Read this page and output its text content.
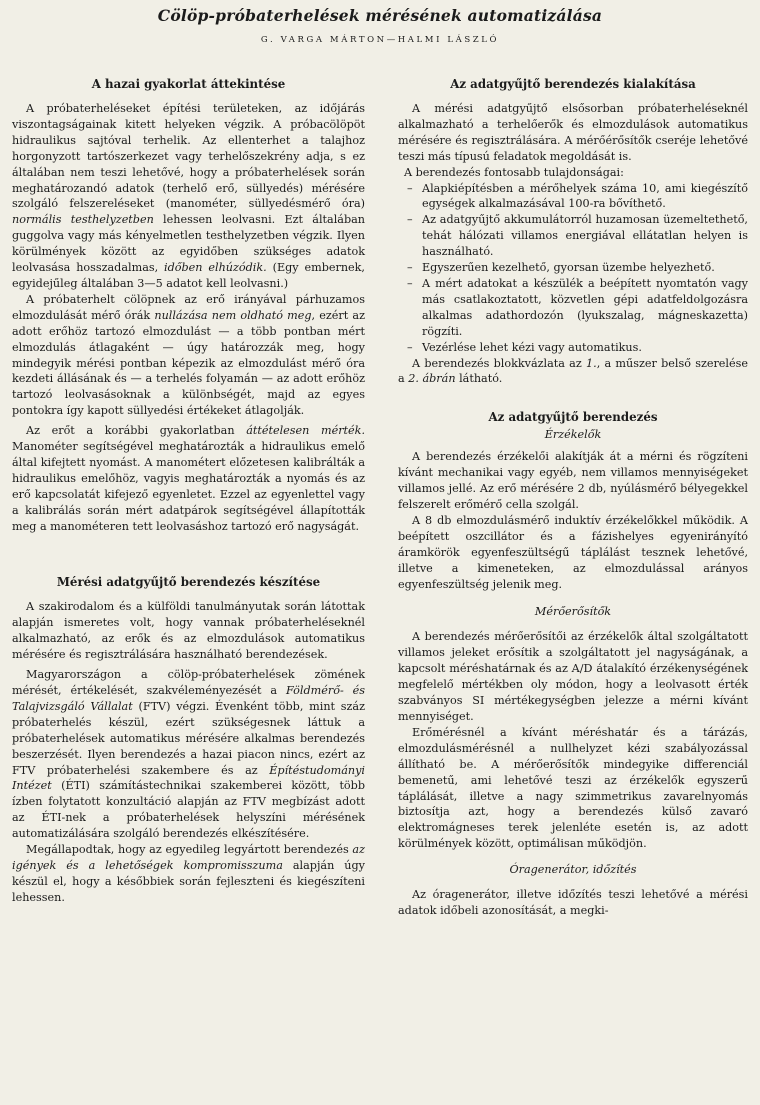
Cölöp-próbaterhelések mérésének automatizálása
G. VARGA MÁRTON—HALMI LÁSZLÓ
A hazai gyakorlat áttekintése

A próbaterheléseket építési területeken, az időjárás viszontagságainak kitett helyeken végzik. A próbacölöpöt hidraulikus sajtóval terhelik. Az ellenterhet a talajhoz horgonyzott tartószerkezet vagy terhelőszekrény adja, s ez általában nem teszi lehetővé, hogy a próbaterhelések során meghatározandó adatok (terhelő erő, süllyedés) mérésére szolgáló felszereléseket (manométer, süllyedésmérő óra) normális testhelyzetben lehessen leolvasni. Ezt általában guggolva vagy más kényelmetlen testhelyzetben végzik. Ilyen körülmények között az egyidőben szükséges adatok leolvasása hosszadalmas, időben elhúzódik. (Egy embernek, egyidejűleg általában 3—5 adatot kell leolvasni.)

A próbaterhelt cölöpnek az erő irányával párhuzamos elmozdulását mérő órák nullázása nem oldható meg, ezért az adott erőhöz tartozó elmozdulást — a több pontban mért elmozdulás átlagaként — úgy határozzák meg, hogy mindegyik mérési pontban képezik az elmozdulást mérő óra kezdeti állásának és — a terhelés folyamán — az adott erőhöz tartozó leolvasásoknak a különbségét, majd az egyes pontokra így kapott süllyedési értékeket átlagolják.

Az erőt a korábbi gyakorlatban áttételesen mérték. Manométer segítségével meghatározták a hidraulikus emelő által kifejtett nyomást. A manométert előzetesen kalibrálták a hidraulikus emelőhöz, vagyis meghatározták a nyomás és az erő kapcsolatát kifejező egyenletet. Ezzel az egyenlettel vagy a kalibrálás során mért adatpárok segítségével állapították meg a manométeren tett leolvasáshoz tartozó erő nagyságát.

Mérési adatgyűjtő berendezés készítése

A szakirodalom és a külföldi tanulmányutak során látottak alapján ismeretes volt, hogy vannak próbaterheléseknél alkalmazható, az erők és az elmozdulások automatikus mérésére és regisztrálására használható berendezések.

Magyarországon a cölöp-próbaterhelések zömének mérését, értékelését, szakvéleményezését a Földmérő- és Talajvizsgáló Vállalat (FTV) végzi. Évenként több, mint száz próbaterhelés készül, ezért szükségesnek láttuk a próbaterhelések automatikus mérésére alkalmas berendezés beszerzését. Ilyen berendezés a hazai piacon nincs, ezért az FTV próbaterhelési szakembere és az Építéstudományi Intézet (ÉTI) számítástechnikai szakemberei között, több ízben folytatott konzultáció alapján az FTV megbízást adott az ÉTI-nek a próbaterhelések helyszíni mérésének automatizálására szolgáló berendezés elkészítésére.

Megállapodtak, hogy az egyedileg legyártott berendezés az igények és a lehetőségek kompromisszuma alapján úgy készül el, hogy a későbbiek során fejleszteni és kiegészíteni lehessen.

Az adatgyűjtő berendezés kialakítása

A mérési adatgyűjtő elsősorban próbaterheléseknél alkalmazható a terhelőerők és elmozdulások automatikus mérésére és regisztrálására. A mérőérősítők cseréje lehetővé teszi más típusú feladatok megoldását is.

A berendezés fontosabb tulajdonságai:

– Alapkiépítésben a mérőhelyek száma 10, ami kiegészítő egységek alkalmazásával 100-ra bővíthető.
– Az adatgyűjtő akkumulátorról huzamosan üzemeltethető, tehát hálózati villamos energiával ellátatlan helyen is használható.
– Egyszerűen kezelhető, gyorsan üzembe helyezhető.
– A mért adatokat a készülék a beépített nyomtatón vagy más csatlakoztatott, közvetlen gépi adatfeldolgozásra alkalmas adathordozón (lyukszalag, mágneskazetta) rögzíti.
– Vezérlése lehet kézi vagy automatikus.

A berendezés blokkvázlata az 1., a műszer belső szerelése a 2. ábrán látható.

Az adatgyűjtő berendezés
Érzékelők

A berendezés érzékelői alakítják át a mérni és rögzíteni kívánt mechanikai vagy egyéb, nem villamos mennyiségeket villamos jellé. Az erő mérésére 2 db, nyúlásmérő bélyegekkel felszerelt erőmérő cella szolgál.

A 8 db elmozdulásmérő induktív érzékelőkkel működik. A beépített oszcillátor és a fázishelyes egyenirányító áramkörök egyenfeszültségű táplálást tesznek lehetővé, illetve a kimeneteken, az elmozdulással arányos egyenfeszültség jelenik meg.

Mérőerősítők

A berendezés mérőerősítői az érzékelők által szolgáltatott villamos jeleket erősítik a szolgáltatott jel nagyságának, a kapcsolt méréshatárnak és az A/D átalakító érzékenységének megfelelő mértékben oly módon, hogy a leolvasott érték szabványos SI mértékegységben jelezze a mérni kívánt mennyiséget.

Erőmérésnél a kívánt méréshatár és a tárázás, elmozdulásmérésnél a nullhelyzet kézi szabályozással állítható be. A mérőerősítők mindegyike differenciál bemenetű, ami lehetővé teszi az érzékelők egyszerű táplálását, illetve a nagy szimmetrikus zavarelnyomás biztosítja azt, hogy a berendezés külső zavaró elektromágneses terek jelenléte esetén is, az adott körülmények között, optimálisan működjön.

Óragenerátor, időzítés

Az óragenerátor, illetve időzítés teszi lehetővé a mérési adatok időbeli azonosítását, a megki-
